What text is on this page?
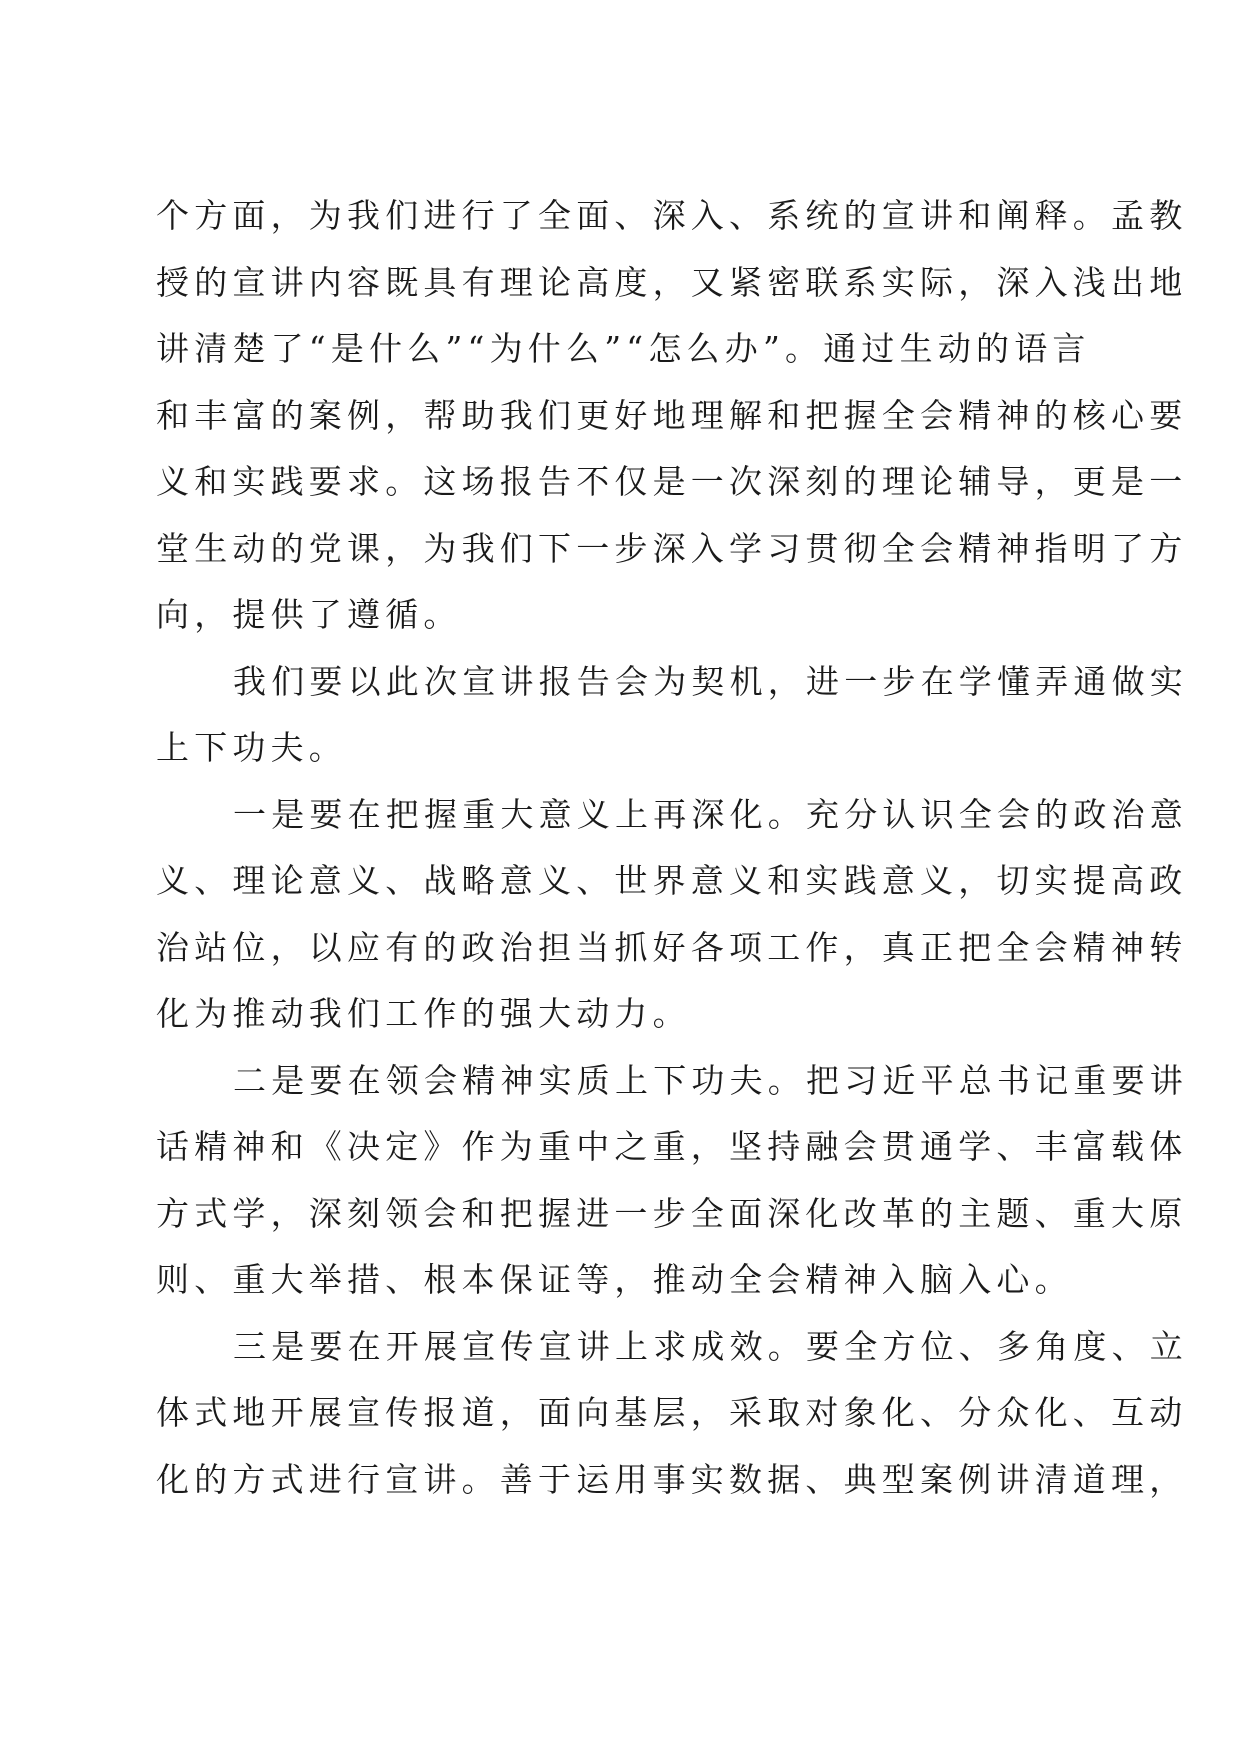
个方面，为我们进行了全面、深入、系统的宣讲和阐释。孟教
授的宣讲内容既具有理论高度，又紧密联系实际，深入浅出地
讲清楚了“是什么”“为什么”“怎么办”。通过生动的语言
和丰富的案例，帮助我们更好地理解和把握全会精神的核心要
义和实践要求。这场报告不仅是一次深刻的理论辅导，更是一
堂生动的党课，为我们下一步深入学习贯彻全会精神指明了方
向，提供了遵循。
我们要以此次宣讲报告会为契机，进一步在学懂弄通做实
上下功夫。
一是要在把握重大意义上再深化。充分认识全会的政治意
义、理论意义、战略意义、世界意义和实践意义，切实提高政
治站位，以应有的政治担当抓好各项工作，真正把全会精神转
化为推动我们工作的强大动力。
二是要在领会精神实质上下功夫。把习近平总书记重要讲
话精神和《决定》作为重中之重，坚持融会贯通学、丰富载体
方式学，深刻领会和把握进一步全面深化改革的主题、重大原
则、重大举措、根本保证等，推动全会精神入脑入心。
三是要在开展宣传宣讲上求成效。要全方位、多角度、立
体式地开展宣传报道，面向基层，采取对象化、分众化、互动
化的方式进行宣讲。善于运用事实数据、典型案例讲清道理，
